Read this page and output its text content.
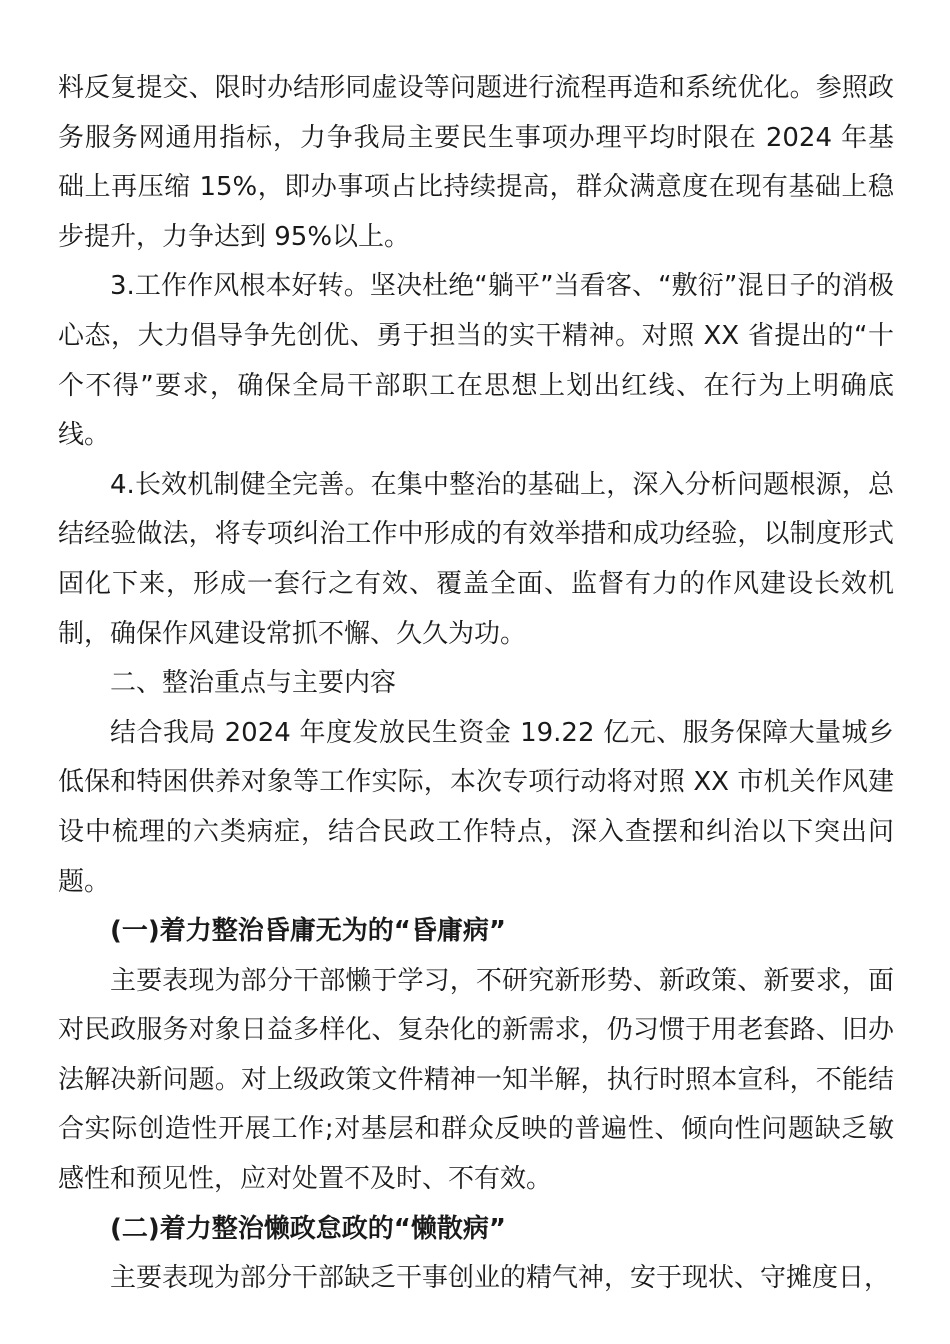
料反复提交、限时办结形同虚设等问题进行流程再造和系统优化。参照政务服务网通用指标，力争我局主要民生事项办理平均时限在 2024 年基础上再压缩 15%，即办事项占比持续提高，群众满意度在现有基础上稳步提升，力争达到 95%以上。

3.工作作风根本好转。坚决杜绝“躺平”当看客、“敷衍”混日子的消极心态，大力倡导争先创优、勇于担当的实干精神。对照 XX 省提出的“十个不得”要求，确保全局干部职工在思想上划出红线、在行为上明确底线。

4.长效机制健全完善。在集中整治的基础上，深入分析问题根源，总结经验做法，将专项纠治工作中形成的有效举措和成功经验，以制度形式固化下来，形成一套行之有效、覆盖全面、监督有力的作风建设长效机制，确保作风建设常抓不懈、久久为功。

二、整治重点与主要内容

结合我局 2024 年度发放民生资金 19.22 亿元、服务保障大量城乡低保和特困供养对象等工作实际，本次专项行动将对照 XX 市机关作风建设中梳理的六类病症，结合民政工作特点，深入查摆和纠治以下突出问题。

(一)着力整治昏庸无为的“昏庸病”

主要表现为部分干部懒于学习，不研究新形势、新政策、新要求，面对民政服务对象日益多样化、复杂化的新需求，仍习惯于用老套路、旧办法解决新问题。对上级政策文件精神一知半解，执行时照本宣科，不能结合实际创造性开展工作;对基层和群众反映的普遍性、倾向性问题缺乏敏感性和预见性，应对处置不及时、不有效。

(二)着力整治懒政怠政的“懒散病”

主要表现为部分干部缺乏干事创业的精气神，安于现状、守摊度日，
